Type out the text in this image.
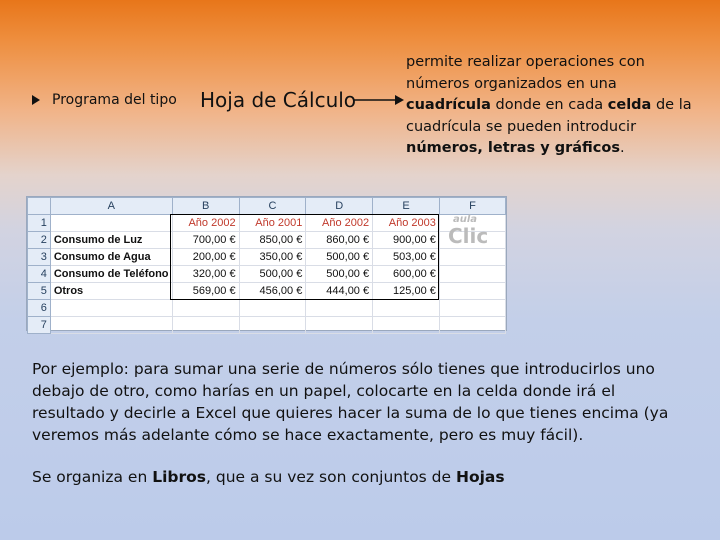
Programa del tipo Hoja de Cálculo
permite realizar operaciones con
números organizados en una
cuadrícula donde en cada celda de la
cuadrícula se pueden introducir
números, letras y gráficos.
	A	B	C	D	E	F
1		Año 2002	Año 2001	Año 2002	Año 2003	
2	Consumo de Luz	700,00 €	850,00 €	860,00 €	900,00 €	
3	Consumo de Agua	200,00 €	350,00 €	500,00 €	503,00 €	
4	Consumo de Teléfono	320,00 €	500,00 €	500,00 €	600,00 €	
5	Otros	569,00 €	456,00 €	444,00 €	125,00 €	
6						
7						
aula
Clic
Por ejemplo: para sumar una serie de números sólo tienes que introducirlos uno debajo de otro, como harías en un papel, colocarte en la celda donde irá el resultado y decirle a Excel que quieres hacer la suma de lo que tienes encima (ya veremos más adelante cómo se hace exactamente, pero es muy fácil).
Se organiza en Libros, que a su vez son conjuntos de Hojas
